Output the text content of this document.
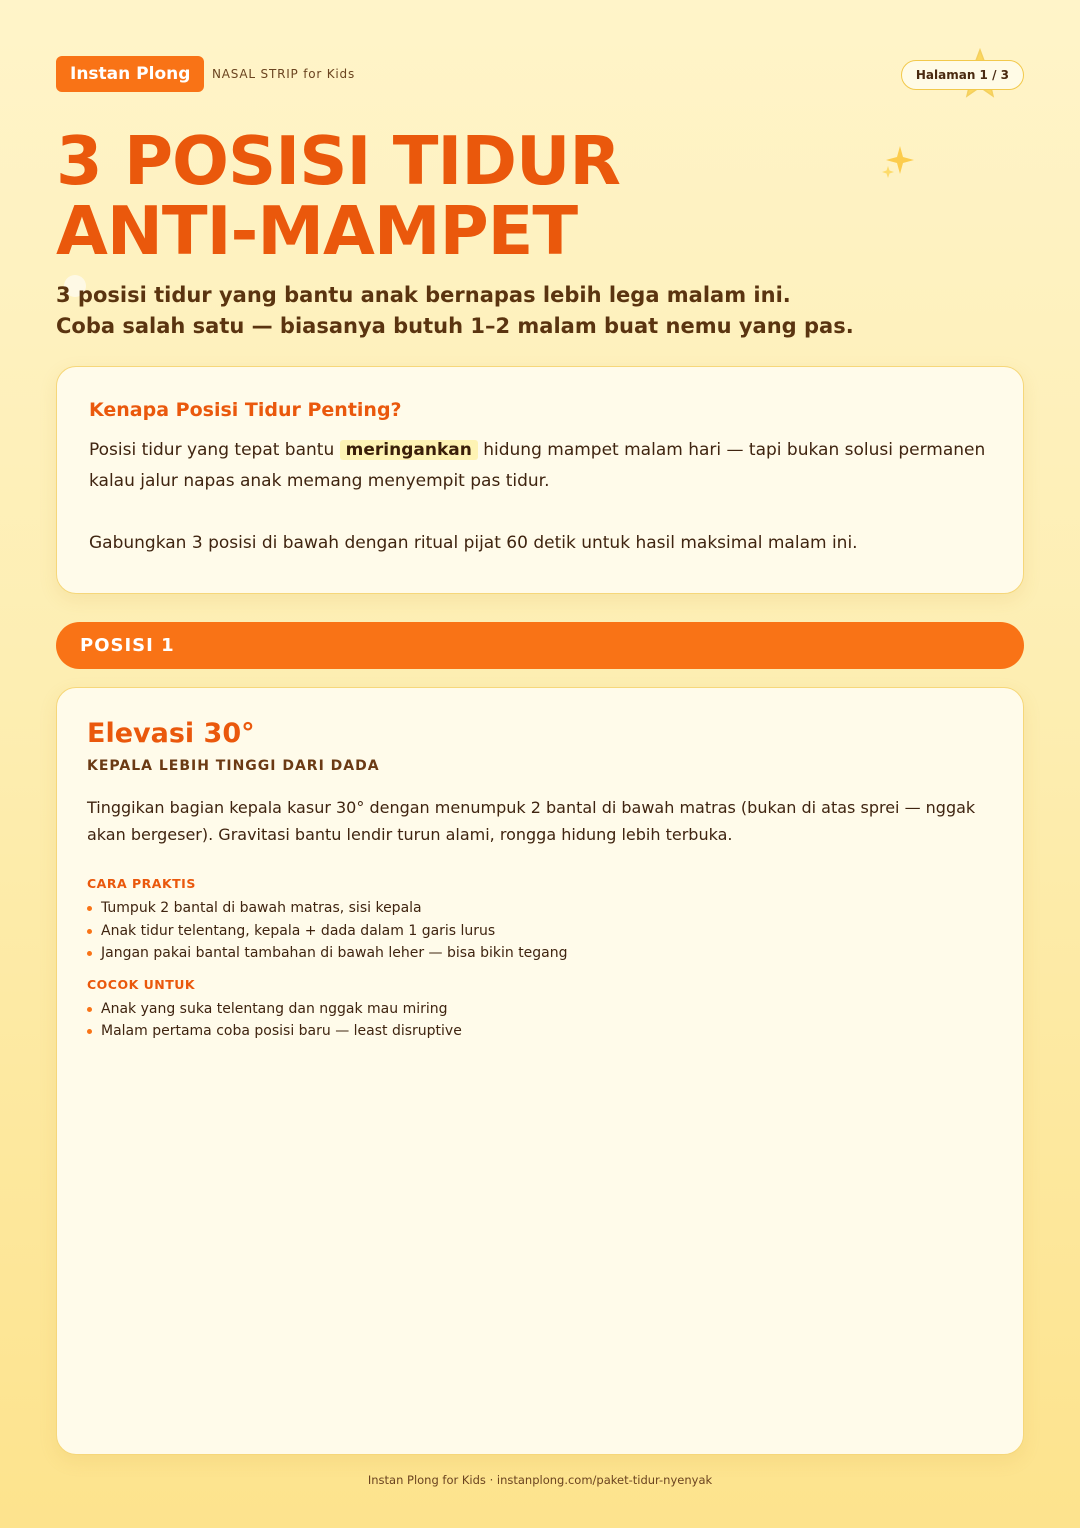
Instan Plong	NASAL STRIP for Kids	Halaman 1 / 3
3 POSISI TIDUR
ANTI-MAMPET
3 posisi tidur yang bantu anak bernapas lebih lega malam ini.
Coba salah satu — biasanya butuh 1–2 malam buat nemu yang pas.
Kenapa Posisi Tidur Penting?

Posisi tidur yang tepat bantu meringankan hidung mampet malam hari — tapi bukan solusi permanen kalau jalur napas anak memang menyempit pas tidur.

Gabungkan 3 posisi di bawah dengan ritual pijat 60 detik untuk hasil maksimal malam ini.

POSISI 1
Elevasi 30°
KEPALA LEBIH TINGGI DARI DADA

Tinggikan bagian kepala kasur 30° dengan menumpuk 2 bantal di bawah matras (bukan di atas sprei — nggak akan bergeser). Gravitasi bantu lendir turun alami, rongga hidung lebih terbuka.

CARA PRAKTIS
Tumpuk 2 bantal di bawah matras, sisi kepala
Anak tidur telentang, kepala + dada dalam 1 garis lurus
Jangan pakai bantal tambahan di bawah leher — bisa bikin tegang
COCOK UNTUK
Anak yang suka telentang dan nggak mau miring
Malam pertama coba posisi baru — least disruptive
Instan Plong for Kids · instanplong.com/paket-tidur-nyenyak
